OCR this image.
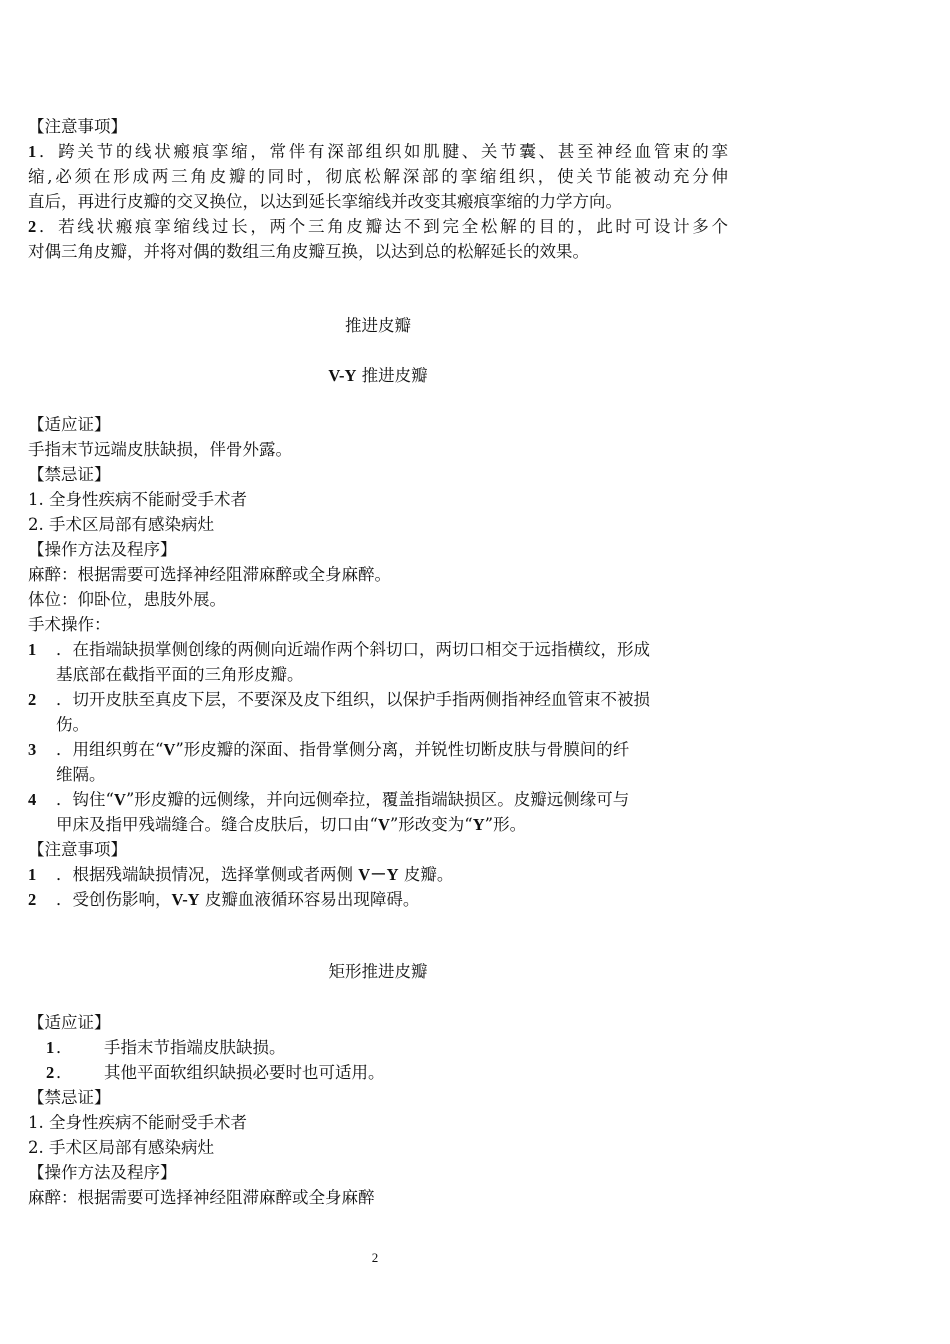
【注意事项】
1．跨关节的线状瘢痕挛缩，常伴有深部组织如肌腱、关节囊、甚至神经血管束的挛
缩,必须在形成两三角皮瓣的同时，彻底松解深部的挛缩组织，使关节能被动充分伸
直后，再进行皮瓣的交叉换位，以达到延长挛缩线并改变其瘢痕挛缩的力学方向。
2．若线状瘢痕挛缩线过长，两个三角皮瓣达不到完全松解的目的，此时可设计多个
对偶三角皮瓣，并将对偶的数组三角皮瓣互换，以达到总的松解延长的效果。
推进皮瓣
V-Y 推进皮瓣
【适应证】
手指末节远端皮肤缺损，伴骨外露。
【禁忌证】
1. 全身性疾病不能耐受手术者
2. 手术区局部有感染病灶
【操作方法及程序】
麻醉：根据需要可选择神经阻滞麻醉或全身麻醉。
体位：仰卧位，患肢外展。
手术操作：
1 ．在指端缺损掌侧创缘的两侧向近端作两个斜切口，两切口相交于远指横纹，形成
基底部在截指平面的三角形皮瓣。
2 ．切开皮肤至真皮下层，不要深及皮下组织，以保护手指两侧指神经血管束不被损
伤。
3 ．用组织剪在“V”形皮瓣的深面、指骨掌侧分离，并锐性切断皮肤与骨膜间的纤
维隔。
4 ．钩住“V”形皮瓣的远侧缘，并向远侧牵拉，覆盖指端缺损区。皮瓣远侧缘可与
甲床及指甲残端缝合。缝合皮肤后，切口由“V”形改变为“Y”形。
【注意事项】
1 ．根据残端缺损情况，选择掌侧或者两侧 V－Y 皮瓣。
2 ．受创伤影响，V-Y 皮瓣血液循环容易出现障碍。
矩形推进皮瓣
【适应证】
1 ．      手指末节指端皮肤缺损。
2 ．      其他平面软组织缺损必要时也可适用。
【禁忌证】
1. 全身性疾病不能耐受手术者
2. 手术区局部有感染病灶
【操作方法及程序】
麻醉：根据需要可选择神经阻滞麻醉或全身麻醉
2
